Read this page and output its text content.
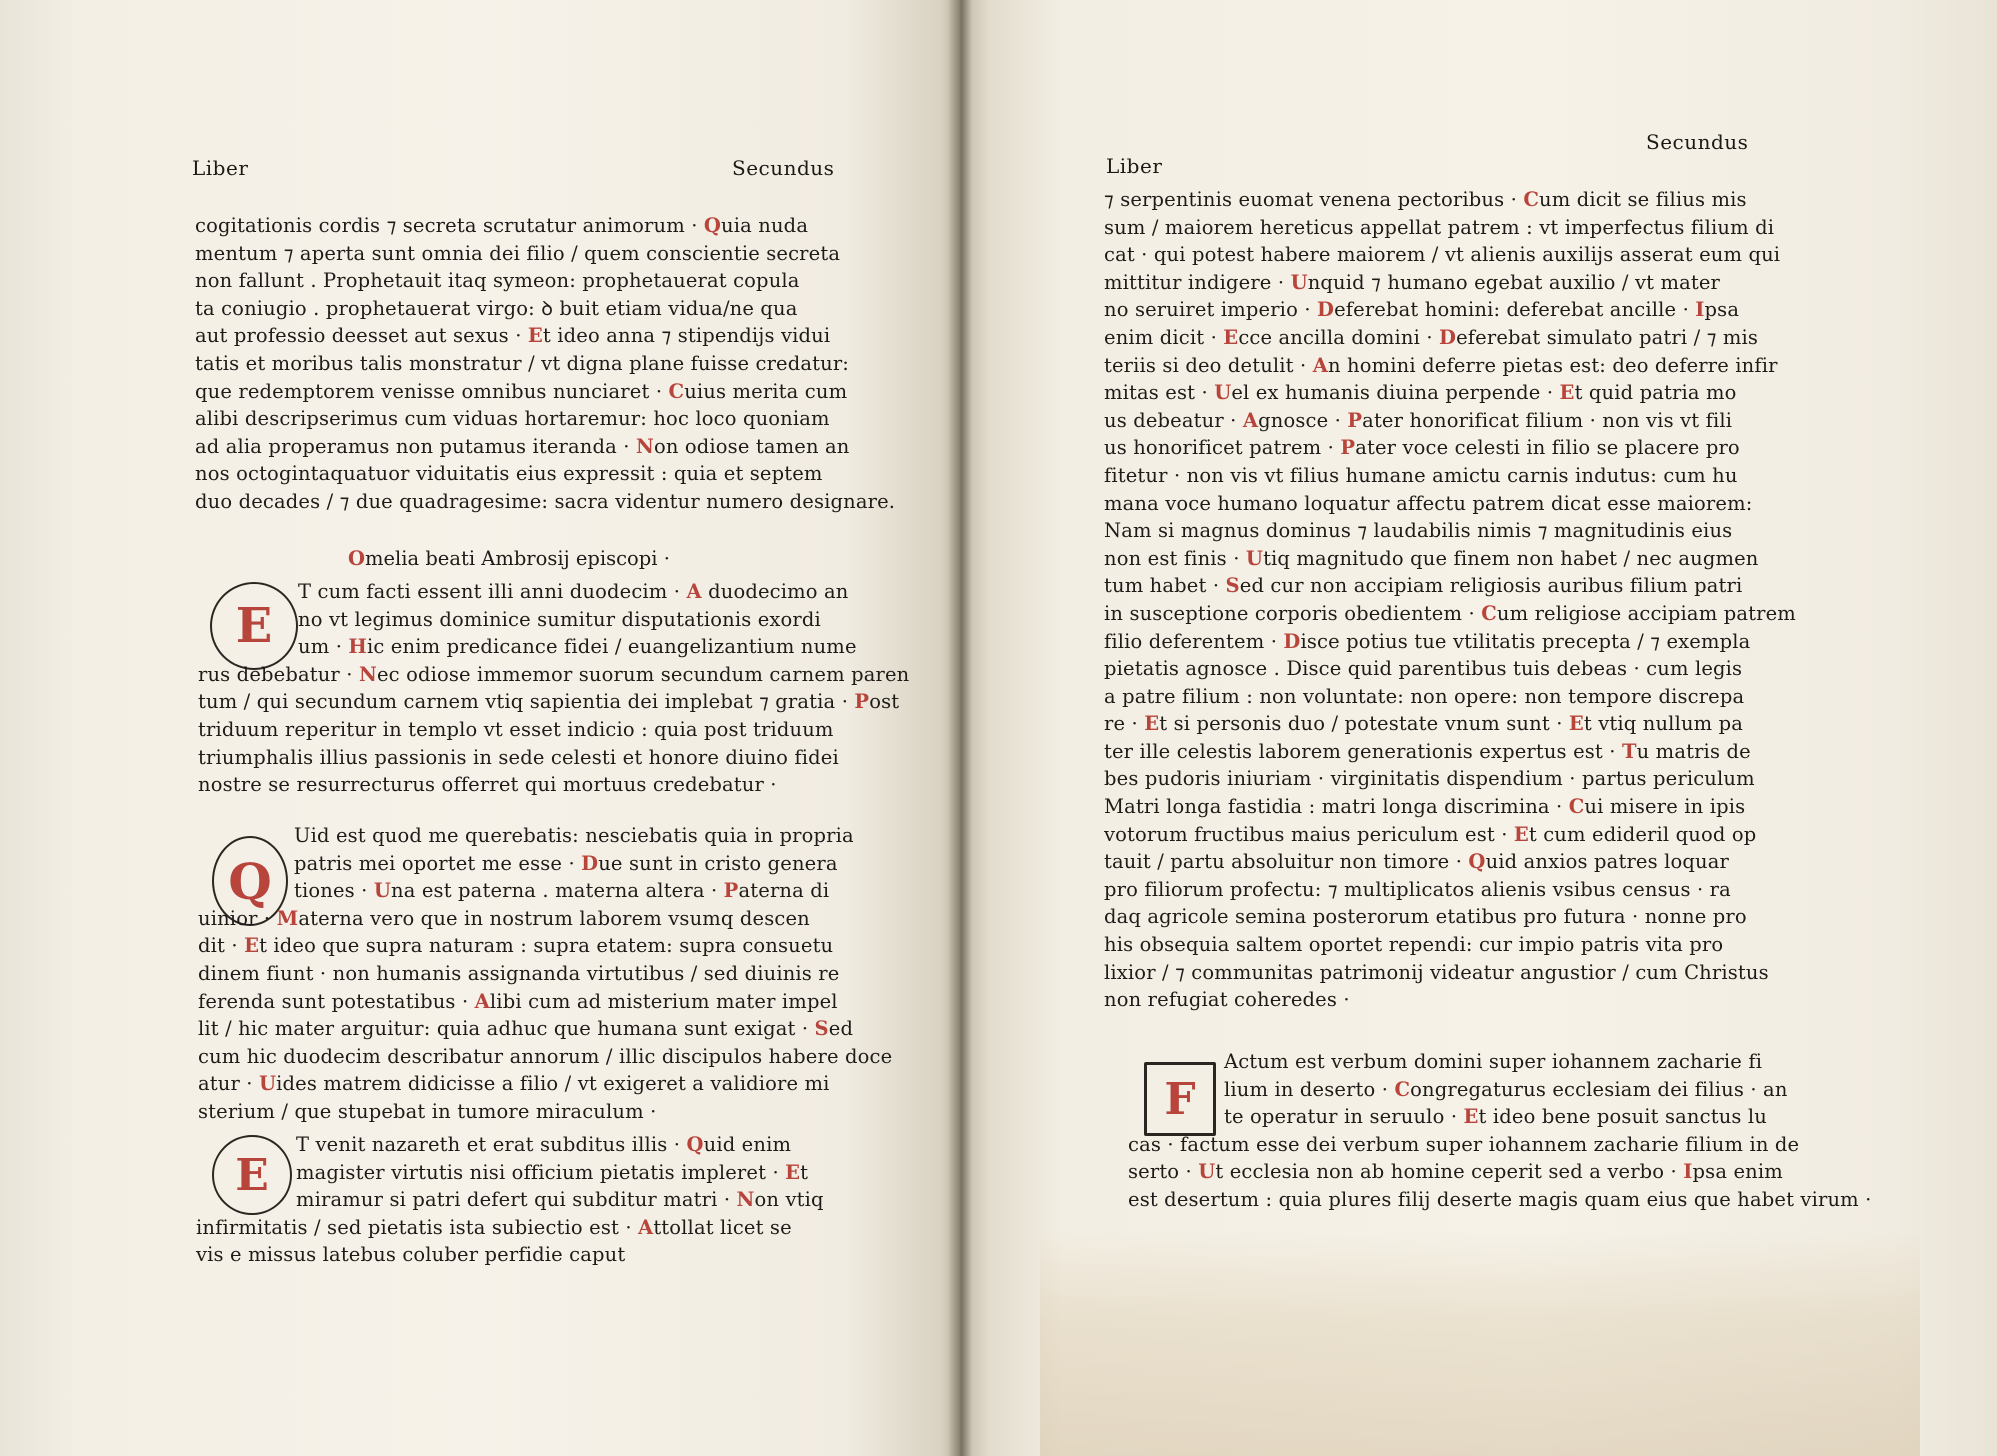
Liber	Secundus
cogitationis cordis ⁊ secreta scrutatur animorum · Quia nuda
mentum ⁊ aperta sunt omnia dei filio / quem conscientie secreta
non fallunt . Prophetauit itaq symeon: prophetauerat copula
ta coniugio . prophetauerat virgo: ꝺ buit etiam vidua/ne qua
aut professio deesset aut sexus · Et ideo anna ⁊ stipendijs vidui
tatis et moribus talis monstratur / vt digna plane fuisse credatur:
que redemptorem venisse omnibus nunciaret · Cuius merita cum
alibi descripserimus cum viduas hortaremur: hoc loco quoniam
ad alia properamus non putamus iteranda · Non odiose tamen an
nos octogintaquatuor viduitatis eius expressit : quia et septem
duo decades / ⁊ due quadragesime: sacra videntur numero designare.
Omelia beati Ambrosij episcopi ·
E
T cum facti essent illi anni duodecim · A duodecimo an
no vt legimus dominice sumitur disputationis exordi
um · Hic enim predicance fidei / euangelizantium nume
rus debebatur · Nec odiose immemor suorum secundum carnem paren
tum / qui secundum carnem vtiq sapientia dei implebat ⁊ gratia · Post
triduum reperitur in templo vt esset indicio : quia post triduum
triumphalis illius passionis in sede celesti et honore diuino fidei
nostre se resurrecturus offerret qui mortuus credebatur ·
Q
Uid est quod me querebatis: nesciebatis quia in propria
patris mei oportet me esse · Due sunt in cristo genera
tiones · Una est paterna . materna altera · Paterna di
uinior · Materna vero que in nostrum laborem vsumq descen
dit · Et ideo que supra naturam : supra etatem: supra consuetu
dinem fiunt · non humanis assignanda virtutibus / sed diuinis re
ferenda sunt potestatibus · Alibi cum ad misterium mater impel
lit / hic mater arguitur: quia adhuc que humana sunt exigat · Sed
cum hic duodecim describatur annorum / illic discipulos habere doce
atur · Uides matrem didicisse a filio / vt exigeret a validiore mi
sterium / que stupebat in tumore miraculum ·
E
T venit nazareth et erat subditus illis · Quid enim
magister virtutis nisi officium pietatis impleret · Et
miramur si patri defert qui subditur matri · Non vtiq
infirmitatis / sed pietatis ista subiectio est · Attollat licet se
vis e missus latebus coluber perfidie caput
Liber
Secundus
⁊ serpentinis euomat venena pectoribus · Cum dicit se filius mis
sum / maiorem hereticus appellat patrem : vt imperfectus filium di
cat · qui potest habere maiorem / vt alienis auxilijs asserat eum qui
mittitur indigere · Unquid ⁊ humano egebat auxilio / vt mater
no seruiret imperio · Deferebat homini: deferebat ancille · Ipsa
enim dicit · Ecce ancilla domini · Deferebat simulato patri / ⁊ mis
teriis si deo detulit · An homini deferre pietas est: deo deferre infir
mitas est · Uel ex humanis diuina perpende · Et quid patria mo
us debeatur · Agnosce · Pater honorificat filium · non vis vt fili
us honorificet patrem · Pater voce celesti in filio se placere pro
fitetur · non vis vt filius humane amictu carnis indutus: cum hu
mana voce humano loquatur affectu patrem dicat esse maiorem:
Nam si magnus dominus ⁊ laudabilis nimis ⁊ magnitudinis eius
non est finis · Utiq magnitudo que finem non habet / nec augmen
tum habet · Sed cur non accipiam religiosis auribus filium patri
in susceptione corporis obedientem · Cum religiose accipiam patrem
filio deferentem · Disce potius tue vtilitatis precepta / ⁊ exempla
pietatis agnosce . Disce quid parentibus tuis debeas · cum legis
a patre filium : non voluntate: non opere: non tempore discrepa
re · Et si personis duo / potestate vnum sunt · Et vtiq nullum pa
ter ille celestis laborem generationis expertus est · Tu matris de
bes pudoris iniuriam · virginitatis dispendium · partus periculum
Matri longa fastidia : matri longa discrimina · Cui misere in ipis
votorum fructibus maius periculum est · Et cum edideril quod op
tauit / partu absoluitur non timore · Quid anxios patres loquar
pro filiorum profectu: ⁊ multiplicatos alienis vsibus census · ra
daq agricole semina posterorum etatibus pro futura · nonne pro
his obsequia saltem oportet rependi: cur impio patris vita pro
lixior / ⁊ communitas patrimonij videatur angustior / cum Christus
non refugiat coheredes ·
F
Actum est verbum domini super iohannem zacharie fi
lium in deserto · Congregaturus ecclesiam dei filius · an
te operatur in seruulo · Et ideo bene posuit sanctus lu
cas · factum esse dei verbum super iohannem zacharie filium in de
serto · Ut ecclesia non ab homine ceperit sed a verbo · Ipsa enim
est desertum : quia plures filij deserte magis quam eius que habet virum ·
